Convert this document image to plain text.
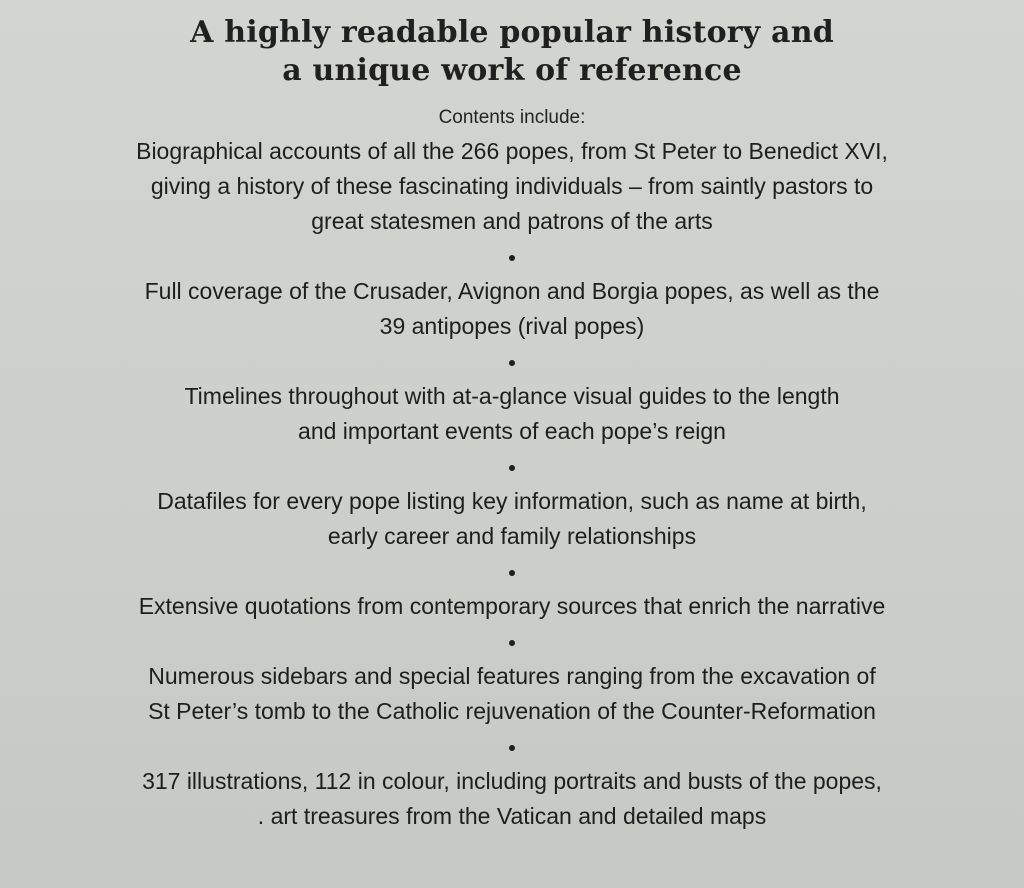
A highly readable popular history and
a unique work of reference
Contents include:
Biographical accounts of all the 266 popes, from St Peter to Benedict XVI,
giving a history of these fascinating individuals – from saintly pastors to
great statesmen and patrons of the arts
Full coverage of the Crusader, Avignon and Borgia popes, as well as the
39 antipopes (rival popes)
Timelines throughout with at-a-glance visual guides to the length
and important events of each pope’s reign
Datafiles for every pope listing key information, such as name at birth,
early career and family relationships
Extensive quotations from contemporary sources that enrich the narrative
Numerous sidebars and special features ranging from the excavation of
St Peter’s tomb to the Catholic rejuvenation of the Counter-Reformation
317 illustrations, 112 in colour, including portraits and busts of the popes,
. art treasures from the Vatican and detailed maps
